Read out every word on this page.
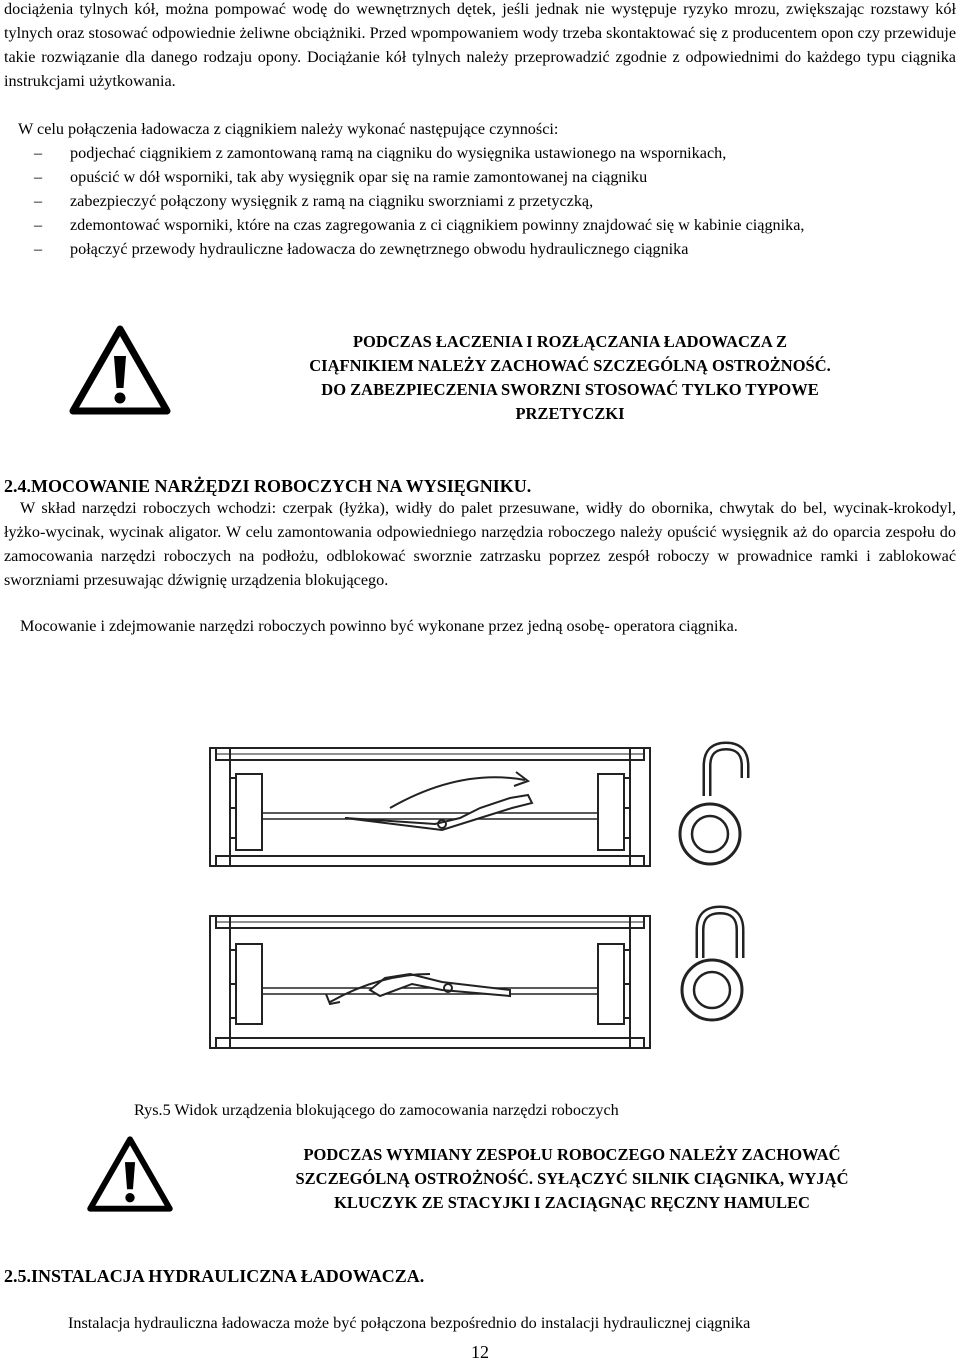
dociążenia tylnych kół, można pompować wodę do wewnętrznych dętek, jeśli jednak nie występuje ryzyko mrozu, zwiększając rozstawy kół tylnych oraz stosować odpowiednie żeliwne obciążniki. Przed wpompowaniem wody trzeba skontaktować się z producentem opon czy przewiduje takie rozwiązanie dla danego rodzaju opony. Dociążanie kół tylnych należy przeprowadzić zgodnie z odpowiednimi do każdego typu ciągnika instrukcjami użytkowania.

W celu połączenia ładowacza z ciągnikiem należy wykonać następujące czynności:

– podjechać ciągnikiem z zamontowaną ramą na ciągniku do wysięgnika ustawionego na wspornikach,
– opuścić w dół wsporniki, tak aby wysięgnik opar się na ramie zamontowanej na ciągniku
– zabezpieczyć połączony wysięgnik z ramą na ciągniku sworzniami z przetyczką,
– zdemontować wsporniki, które na czas zagregowania z ci ciągnikiem powinny znajdować się w kabinie ciągnika,
– połączyć przewody hydrauliczne ładowacza do zewnętrznego obwodu hydraulicznego ciągnika
PODCZAS ŁACZENIA I ROZŁĄCZANIA ŁADOWACZA Z
CIĄFNIKIEM NALEŻY ZACHOWAĆ SZCZEGÓLNĄ OSTROŻNOŚĆ.
DO ZABEZPIECZENIA SWORZNI STOSOWAĆ TYLKO TYPOWE
PRZETYCZKI
2.4.MOCOWANIE NARŻĘDZI ROBOCZYCH NA WYSIĘGNIKU.

W skład narzędzi roboczych wchodzi: czerpak (łyżka), widły do palet przesuwane, widły do obornika, chwytak do bel, wycinak-krokodyl, łyżko-wycinak, wycinak aligator. W celu zamontowania odpowiedniego narzędzia roboczego należy opuścić wysięgnik aż do oparcia zespołu do zamocowania narzędzi roboczych na podłożu, odblokować sworznie zatrzasku poprzez zespół roboczy w prowadnice ramki i zablokować sworzniami przesuwając dźwignię urządzenia blokującego.

Mocowanie i zdejmowanie narzędzi roboczych powinno być wykonane przez jedną osobę- operatora ciągnika.

Rys.5 Widok urządzenia blokującego do zamocowania narzędzi roboczych
PODCZAS WYMIANY ZESPOŁU ROBOCZEGO NALEŻY ZACHOWAĆ
SZCZEGÓLNĄ OSTROŻNOŚĆ. SYŁĄCZYĆ SILNIK CIĄGNIKA, WYJĄĆ
KLUCZYK ZE STACYJKI I ZACIĄGNĄC RĘCZNY HAMULEC
2.5.INSTALACJA HYDRAULICZNA ŁADOWACZA.

Instalacja hydrauliczna ładowacza może być połączona bezpośrednio do instalacji hydraulicznej ciągnika

12
